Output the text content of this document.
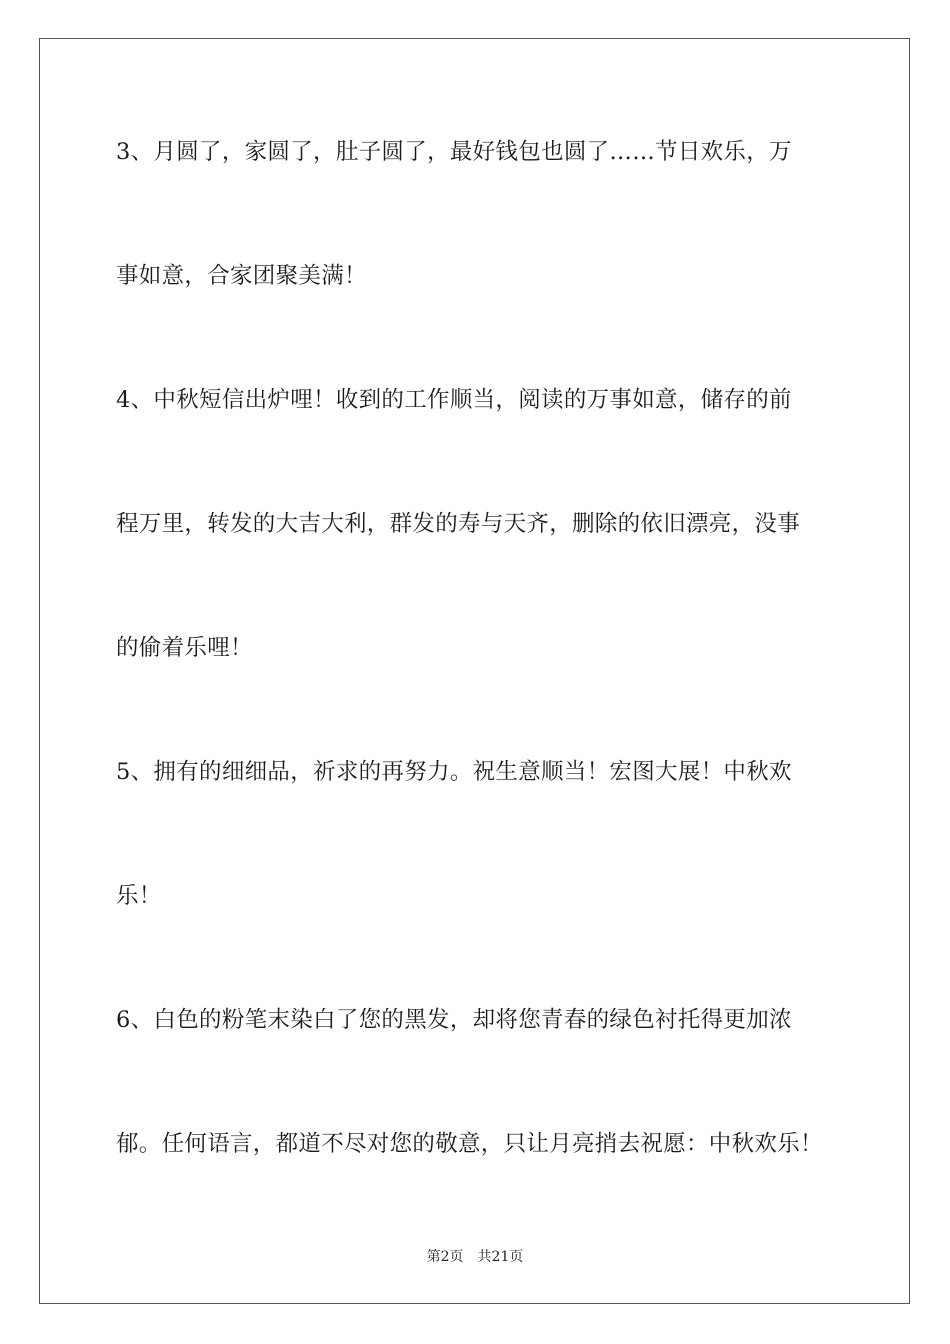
3、月圆了，家圆了，肚子圆了，最好钱包也圆了……节日欢乐，万
事如意，合家团聚美满！
4、中秋短信出炉哩！收到的工作顺当，阅读的万事如意，储存的前
程万里，转发的大吉大利，群发的寿与天齐，删除的依旧漂亮，没事
的偷着乐哩！
5、拥有的细细品，祈求的再努力。祝生意顺当！宏图大展！中秋欢
乐！
6、白色的粉笔末染白了您的黑发，却将您青春的绿色衬托得更加浓
郁。任何语言，都道不尽对您的敬意，只让月亮捎去祝愿：中秋欢乐！
第2页 共21页
